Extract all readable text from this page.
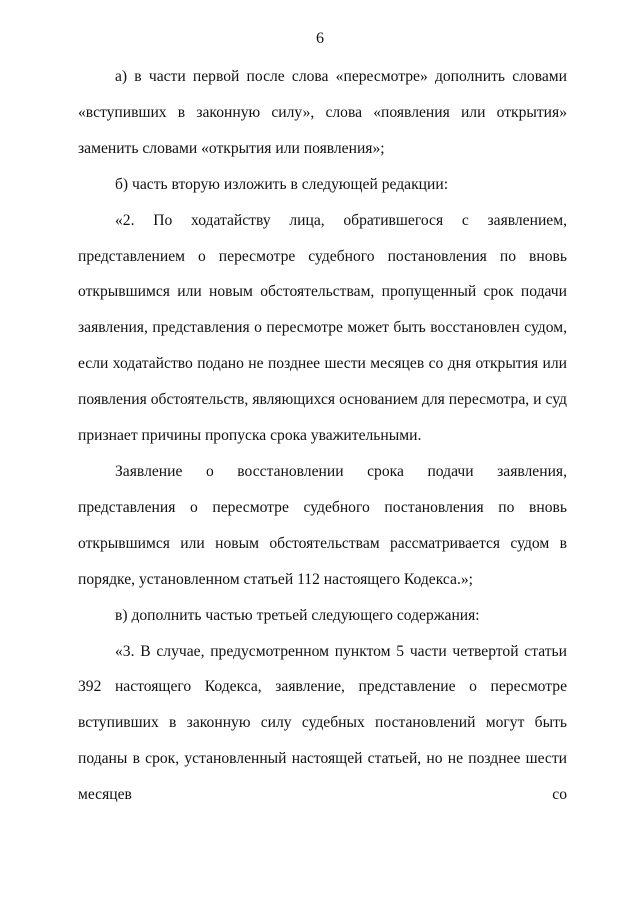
6

а) в части первой после слова «пересмотре» дополнить словами «вступивших в законную силу», слова «появления или открытия» заменить словами «открытия или появления»;

б) часть вторую изложить в следующей редакции:

«2. По ходатайству лица, обратившегося с заявлением, представлением о пересмотре судебного постановления по вновь открывшимся или новым обстоятельствам, пропущенный срок подачи заявления, представления о пересмотре может быть восстановлен судом, если ходатайство подано не позднее шести месяцев со дня открытия или появления обстоятельств, являющихся основанием для пересмотра, и суд признает причины пропуска срока уважительными.

Заявление о восстановлении срока подачи заявления, представления о пересмотре судебного постановления по вновь открывшимся или новым обстоятельствам рассматривается судом в порядке, установленном статьей 112 настоящего Кодекса.»;

в) дополнить частью третьей следующего содержания:

«3. В случае, предусмотренном пунктом 5 части четвертой статьи 392 настоящего Кодекса, заявление, представление о пересмотре вступивших в законную силу судебных постановлений могут быть поданы в срок, установленный настоящей статьей, но не позднее шести месяцев со
